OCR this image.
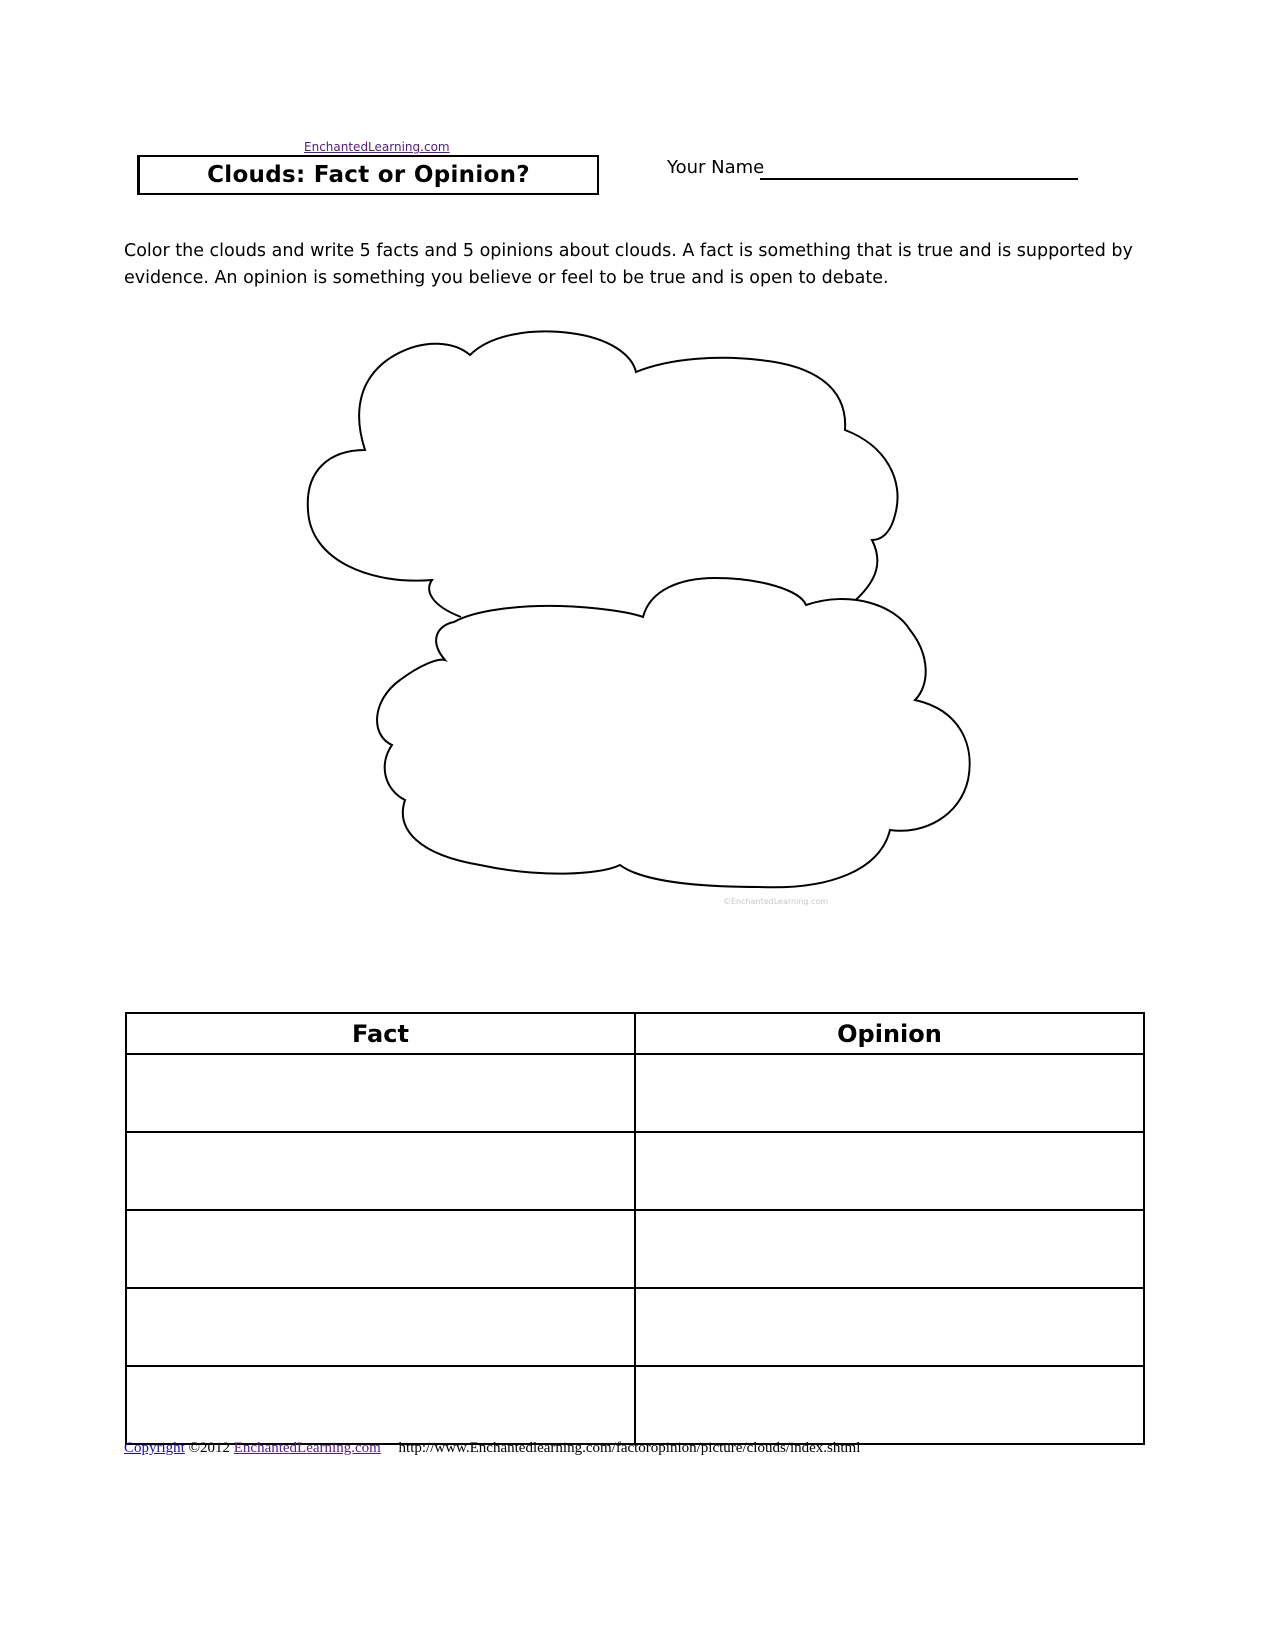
EnchantedLearning.com
Clouds: Fact or Opinion?	Your Name
Color the clouds and write 5 facts and 5 opinions about clouds. A fact is something that is true and is supported by evidence. An opinion is something you believe or feel to be true and is open to debate.
©EnchantedLearning.com
Fact	Opinion

Copyright ©2012 EnchantedLearning.com http://www.Enchantedlearning.com/factoropinion/picture/clouds/index.shtml
